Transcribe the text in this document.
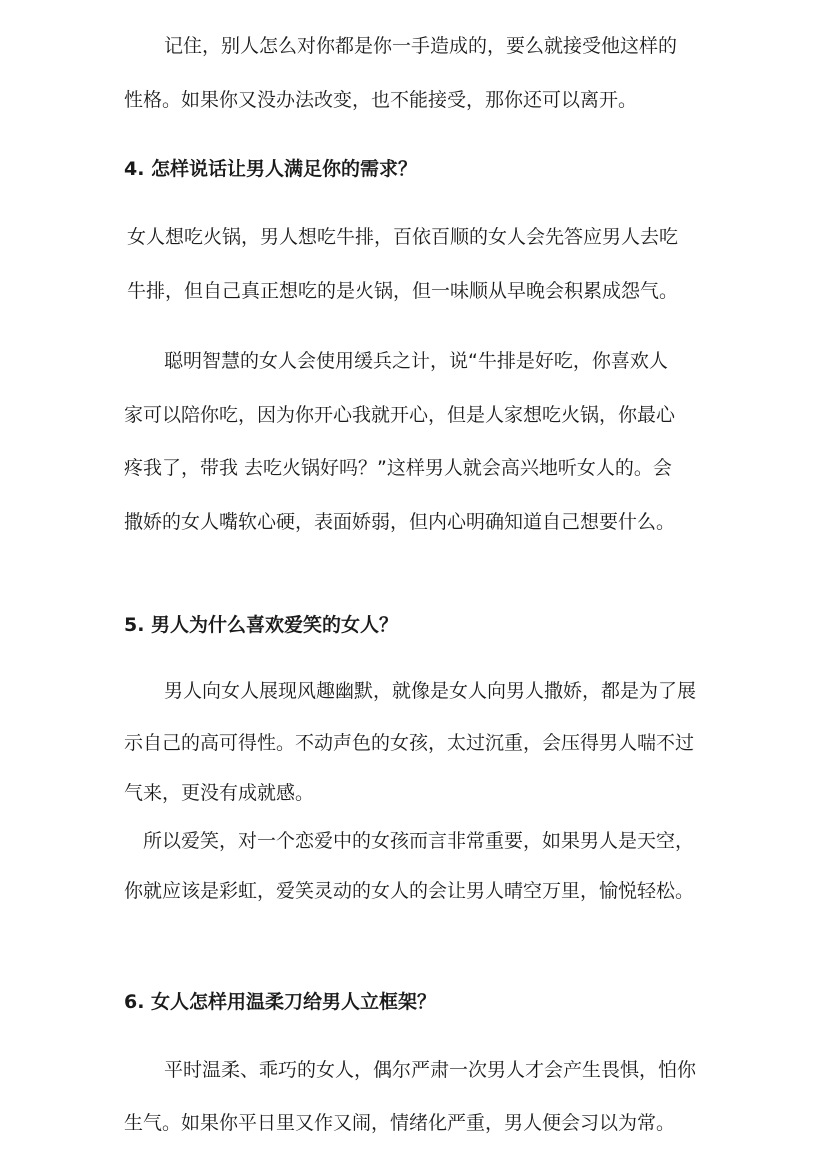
记住，别人怎么对你都是你一手造成的，要么就接受他这样的

性格。如果你又没办法改变，也不能接受，那你还可以离开。

4. 怎样说话让男人满足你的需求？

女人想吃火锅，男人想吃牛排，百依百顺的女人会先答应男人去吃

牛排，但自己真正想吃的是火锅，但一味顺从早晚会积累成怨气。

聪明智慧的女人会使用缓兵之计，说“牛排是好吃，你喜欢人

家可以陪你吃，因为你开心我就开心，但是人家想吃火锅，你最心

疼我了，带我 去吃火锅好吗？”这样男人就会高兴地听女人的。会

撒娇的女人嘴软心硬，表面娇弱，但内心明确知道自己想要什么。

5. 男人为什么喜欢爱笑的女人？

男人向女人展现风趣幽默，就像是女人向男人撒娇，都是为了展

示自己的高可得性。不动声色的女孩，太过沉重，会压得男人喘不过

气来，更没有成就感。

所以爱笑，对一个恋爱中的女孩而言非常重要，如果男人是天空，

你就应该是彩虹，爱笑灵动的女人的会让男人晴空万里，愉悦轻松。

6. 女人怎样用温柔刀给男人立框架？

平时温柔、乖巧的女人，偶尔严肃一次男人才会产生畏惧，怕你

生气。如果你平日里又作又闹，情绪化严重，男人便会习以为常。
